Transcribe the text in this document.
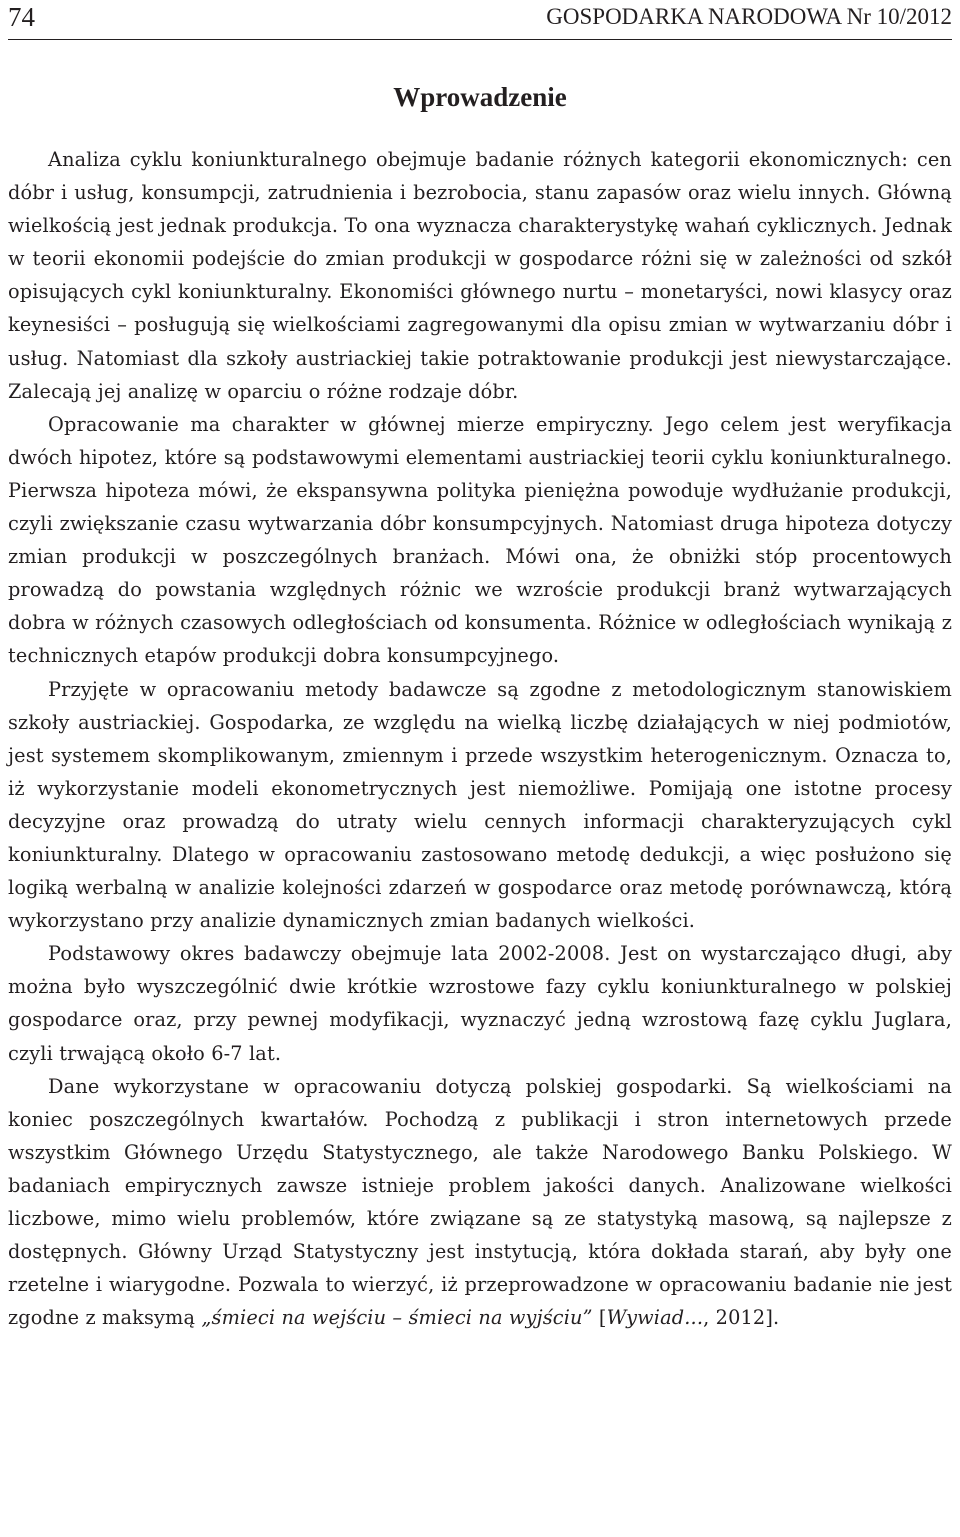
74	GOSPODARKA NARODOWA Nr 10/2012
Wprowadzenie

Analiza cyklu koniunkturalnego obejmuje badanie różnych kategorii ekonomicznych: cen dóbr i usług, konsumpcji, zatrudnienia i bezrobocia, stanu zapasów oraz wielu innych. Główną wielkością jest jednak produkcja. To ona wyznacza charakterystykę wahań cyklicznych. Jednak w teorii ekonomii podejście do zmian produkcji w gospodarce różni się w zależności od szkół opisujących cykl koniunkturalny. Ekonomiści głównego nurtu – monetaryści, nowi klasycy oraz keynesiści – posługują się wielkościami zagregowanymi dla opisu zmian w wytwarzaniu dóbr i usług. Natomiast dla szkoły austriackiej takie potraktowanie produkcji jest niewystarczające. Zalecają jej analizę w oparciu o różne rodzaje dóbr.

Opracowanie ma charakter w głównej mierze empiryczny. Jego celem jest weryfikacja dwóch hipotez, które są podstawowymi elementami austriackiej teorii cyklu koniunkturalnego. Pierwsza hipoteza mówi, że ekspansywna polityka pieniężna powoduje wydłużanie produkcji, czyli zwiększanie czasu wytwarzania dóbr konsumpcyjnych. Natomiast druga hipoteza dotyczy zmian produkcji w poszczególnych branżach. Mówi ona, że obniżki stóp procentowych prowadzą do powstania względnych różnic we wzroście produkcji branż wytwarzających dobra w różnych czasowych odległościach od konsumenta. Różnice w odległościach wynikają z technicznych etapów produkcji dobra konsumpcyjnego.

Przyjęte w opracowaniu metody badawcze są zgodne z metodologicznym stanowiskiem szkoły austriackiej. Gospodarka, ze względu na wielką liczbę działających w niej podmiotów, jest systemem skomplikowanym, zmiennym i przede wszystkim heterogenicznym. Oznacza to, iż wykorzystanie modeli ekonometrycznych jest niemożliwe. Pomijają one istotne procesy decyzyjne oraz prowadzą do utraty wielu cennych informacji charakteryzujących cykl koniunkturalny. Dlatego w opracowaniu zastosowano metodę dedukcji, a więc posłużono się logiką werbalną w analizie kolejności zdarzeń w gospodarce oraz metodę porównawczą, którą wykorzystano przy analizie dynamicznych zmian badanych wielkości.

Podstawowy okres badawczy obejmuje lata 2002-2008. Jest on wystarczająco długi, aby można było wyszczególnić dwie krótkie wzrostowe fazy cyklu koniunkturalnego w polskiej gospodarce oraz, przy pewnej modyfikacji, wyznaczyć jedną wzrostową fazę cyklu Juglara, czyli trwającą około 6-7 lat.

Dane wykorzystane w opracowaniu dotyczą polskiej gospodarki. Są wielkościami na koniec poszczególnych kwartałów. Pochodzą z publikacji i stron internetowych przede wszystkim Głównego Urzędu Statystycznego, ale także Narodowego Banku Polskiego. W badaniach empirycznych zawsze istnieje problem jakości danych. Analizowane wielkości liczbowe, mimo wielu problemów, które związane są ze statystyką masową, są najlepsze z dostępnych. Główny Urząd Statystyczny jest instytucją, która dokłada starań, aby były one rzetelne i wiarygodne. Pozwala to wierzyć, iż przeprowadzone w opracowaniu badanie nie jest zgodne z maksymą „śmieci na wejściu – śmieci na wyjściu” [Wywiad..., 2012].
